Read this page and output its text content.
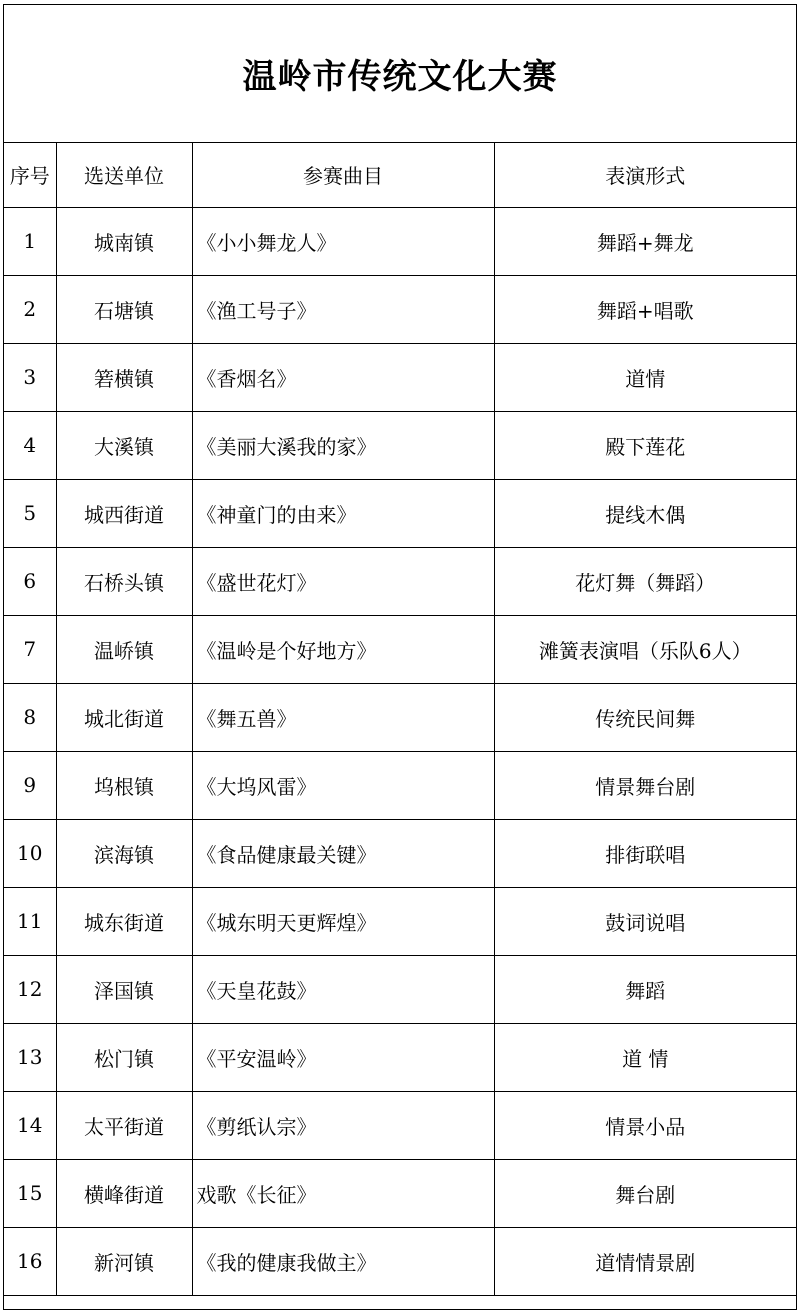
温岭市传统文化大赛
序号	选送单位	参赛曲目	表演形式
1	城南镇	《小小舞龙人》	舞蹈+舞龙
2	石塘镇	《渔工号子》	舞蹈+唱歌
3	箬横镇	《香烟名》	道情
4	大溪镇	《美丽大溪我的家》	殿下莲花
5	城西街道	《神童门的由来》	提线木偶
6	石桥头镇	《盛世花灯》	花灯舞（舞蹈）
7	温峤镇	《温岭是个好地方》	滩簧表演唱（乐队6人）
8	城北街道	《舞五兽》	传统民间舞
9	坞根镇	《大坞风雷》	情景舞台剧
10	滨海镇	《食品健康最关键》	排街联唱
11	城东街道	《城东明天更辉煌》	鼓词说唱
12	泽国镇	《天皇花鼓》	舞蹈
13	松门镇	《平安温岭》	道 情
14	太平街道	《剪纸认宗》	情景小品
15	横峰街道	戏歌《长征》	舞台剧
16	新河镇	《我的健康我做主》	道情情景剧
